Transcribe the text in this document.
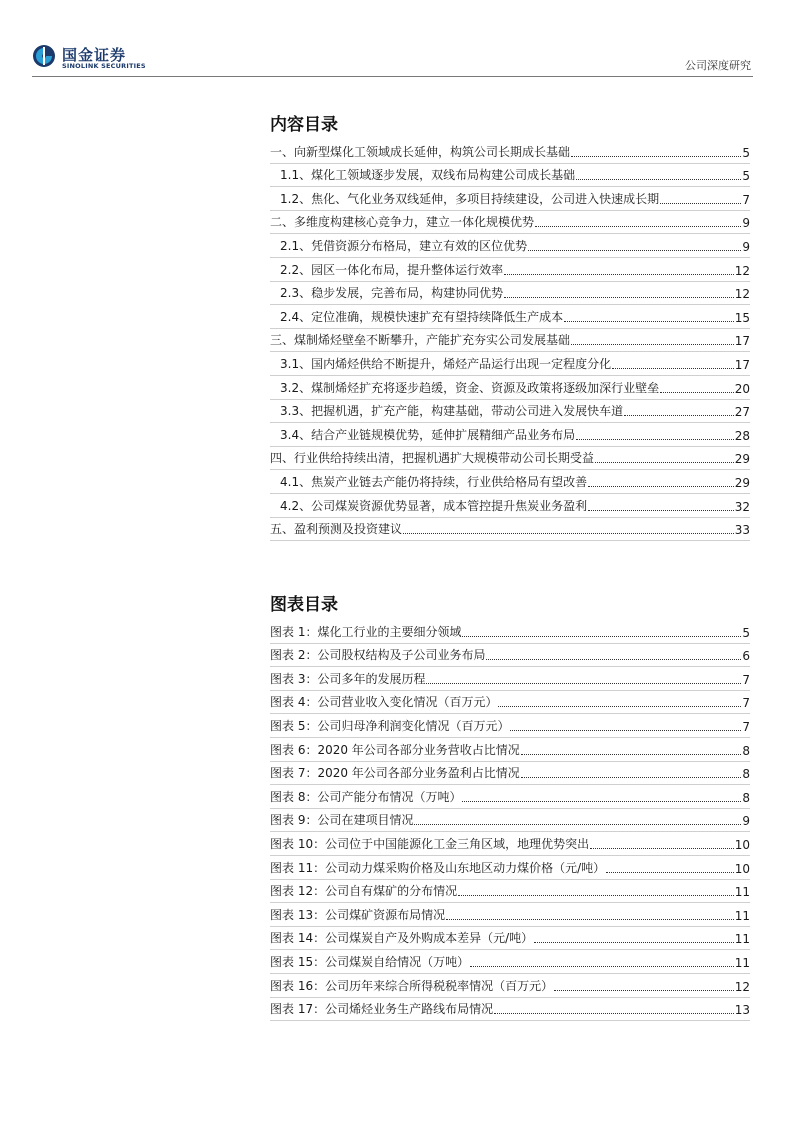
国金证券
SINOLINK SECURITIES	公司深度研究
内容目录
一、向新型煤化工领域成长延伸，构筑公司长期成长基础	5
1.1、煤化工领域逐步发展，双线布局构建公司成长基础	5
1.2、焦化、气化业务双线延伸，多项目持续建设，公司进入快速成长期	7
二、多维度构建核心竞争力，建立一体化规模优势	9
2.1、凭借资源分布格局，建立有效的区位优势	9
2.2、园区一体化布局，提升整体运行效率	12
2.3、稳步发展，完善布局，构建协同优势	12
2.4、定位准确，规模快速扩充有望持续降低生产成本	15
三、煤制烯烃壁垒不断攀升，产能扩充夯实公司发展基础	17
3.1、国内烯烃供给不断提升，烯烃产品运行出现一定程度分化	17
3.2、煤制烯烃扩充将逐步趋缓，资金、资源及政策将逐级加深行业壁垒	20
3.3、把握机遇，扩充产能，构建基础，带动公司进入发展快车道	27
3.4、结合产业链规模优势，延伸扩展精细产品业务布局	28
四、行业供给持续出清，把握机遇扩大规模带动公司长期受益	29
4.1、焦炭产业链去产能仍将持续，行业供给格局有望改善	29
4.2、公司煤炭资源优势显著，成本管控提升焦炭业务盈利	32
五、盈利预测及投资建议	33
图表目录
图表 1： 煤化工行业的主要细分领域	5
图表 2： 公司股权结构及子公司业务布局	6
图表 3： 公司多年的发展历程	7
图表 4： 公司营业收入变化情况（百万元）	7
图表 5： 公司归母净利润变化情况（百万元）	7
图表 6： 2020 年公司各部分业务营收占比情况	8
图表 7： 2020 年公司各部分业务盈利占比情况	8
图表 8： 公司产能分布情况（万吨）	8
图表 9： 公司在建项目情况	9
图表 10： 公司位于中国能源化工金三角区域，地理优势突出	10
图表 11： 公司动力煤采购价格及山东地区动力煤价格（元/吨）	10
图表 12： 公司自有煤矿的分布情况	11
图表 13： 公司煤矿资源布局情况	11
图表 14： 公司煤炭自产及外购成本差异（元/吨）	11
图表 15： 公司煤炭自给情况（万吨）	11
图表 16： 公司历年来综合所得税税率情况（百万元）	12
图表 17： 公司烯烃业务生产路线布局情况	13
